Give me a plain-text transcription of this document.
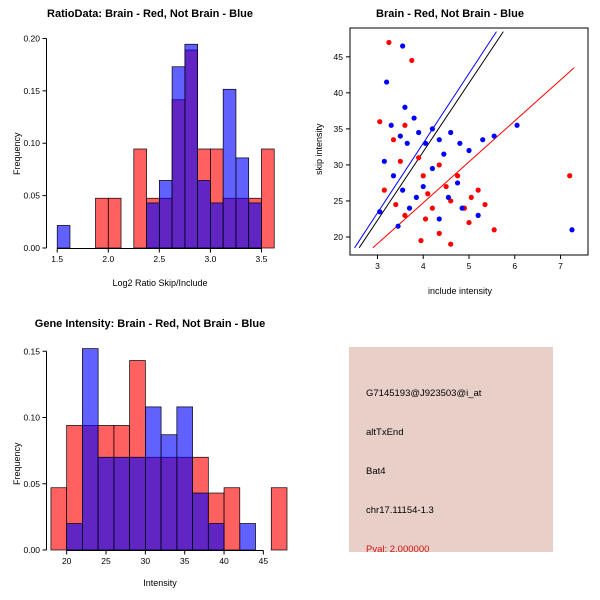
RatioData: Brain - Red, Not Brain - Blue
1.5	2.0	2.5	3.0	3.5
0.00
0.05
0.10
0.15
0.20
Frequency
Log2 Ratio Skip/Include
Brain - Red, Not Brain - Blue
3	4	5	6	7
20
25
30
35
40
45
skip intensity
include intensity
Gene Intensity: Brain - Red, Not Brain - Blue
20	25	30	35	40	45
0.00
0.05
0.10
0.15
Frequency
Intensity
G7145193@J923503@i_at
altTxEnd
Bat4
chr17.11154-1.3
Pval: 2.000000
